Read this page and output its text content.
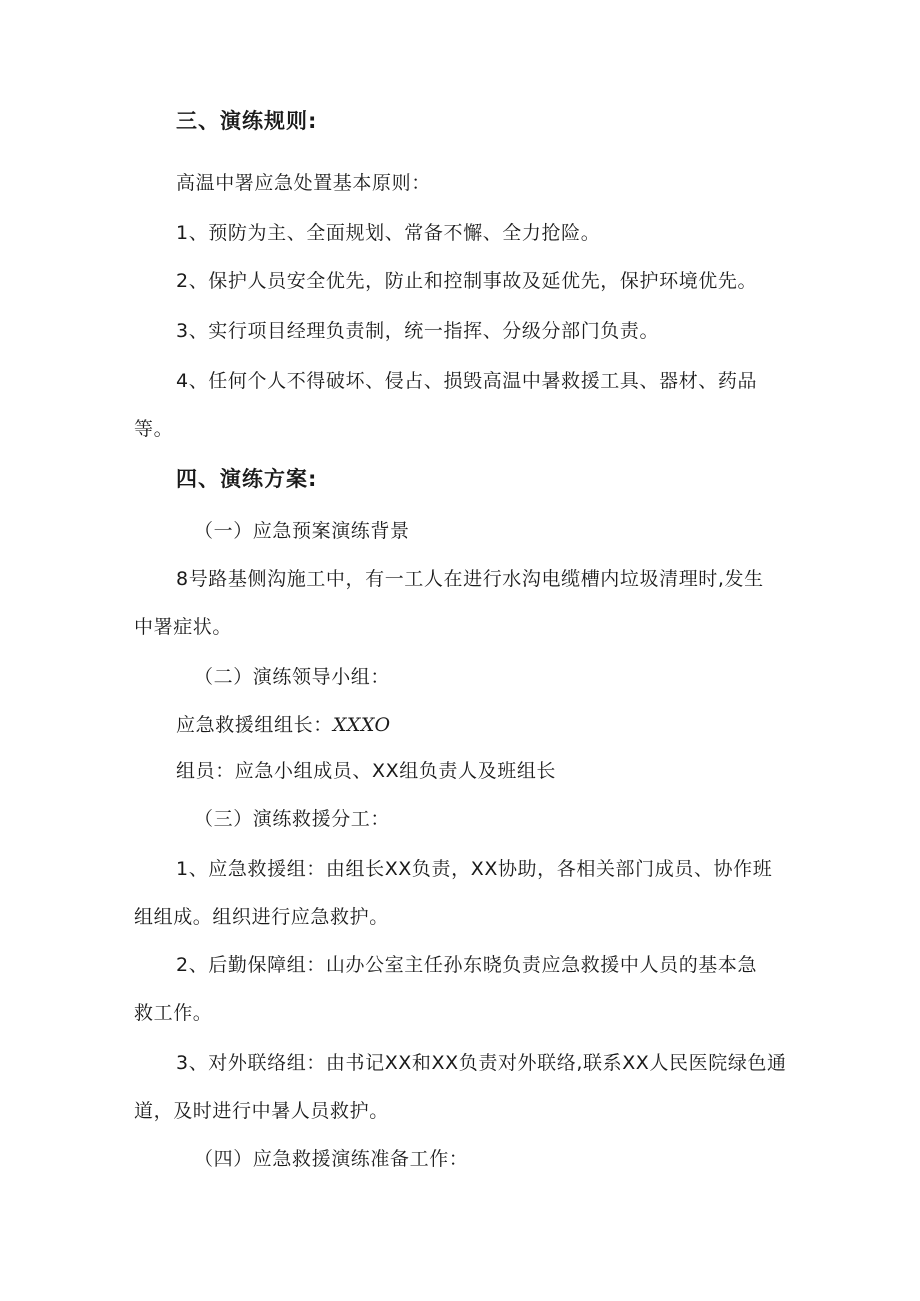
三、演练规则:
高温中署应急处置基本原则：
1、预防为主、全面规划、常备不懈、全力抢险。
2、保护人员安全优先，防止和控制事故及延优先，保护环境优先。
3、实行项目经理负责制，统一指挥、分级分部门负责。
4、任何个人不得破坏、侵占、损毁高温中暑救援工具、器材、药品
等。
四、演练方案:
（一）应急预案演练背景
8号路基侧沟施工中，有一工人在进行水沟电缆槽内垃圾清理时,发生
中署症状。
（二）演练领导小组：
应急救援组组长：XXXO
组员：应急小组成员、XX组负责人及班组长
（三）演练救援分工：
1、应急救援组：由组长XX负责，XX协助，各相关部门成员、协作班
组组成。组织进行应急救护。
2、后勤保障组：山办公室主任孙东晓负责应急救援中人员的基本急
救工作。
3、对外联络组：由书记XX和XX负责对外联络,联系XX人民医院绿色通
道，及时进行中暑人员救护。
（四）应急救援演练准备工作：
